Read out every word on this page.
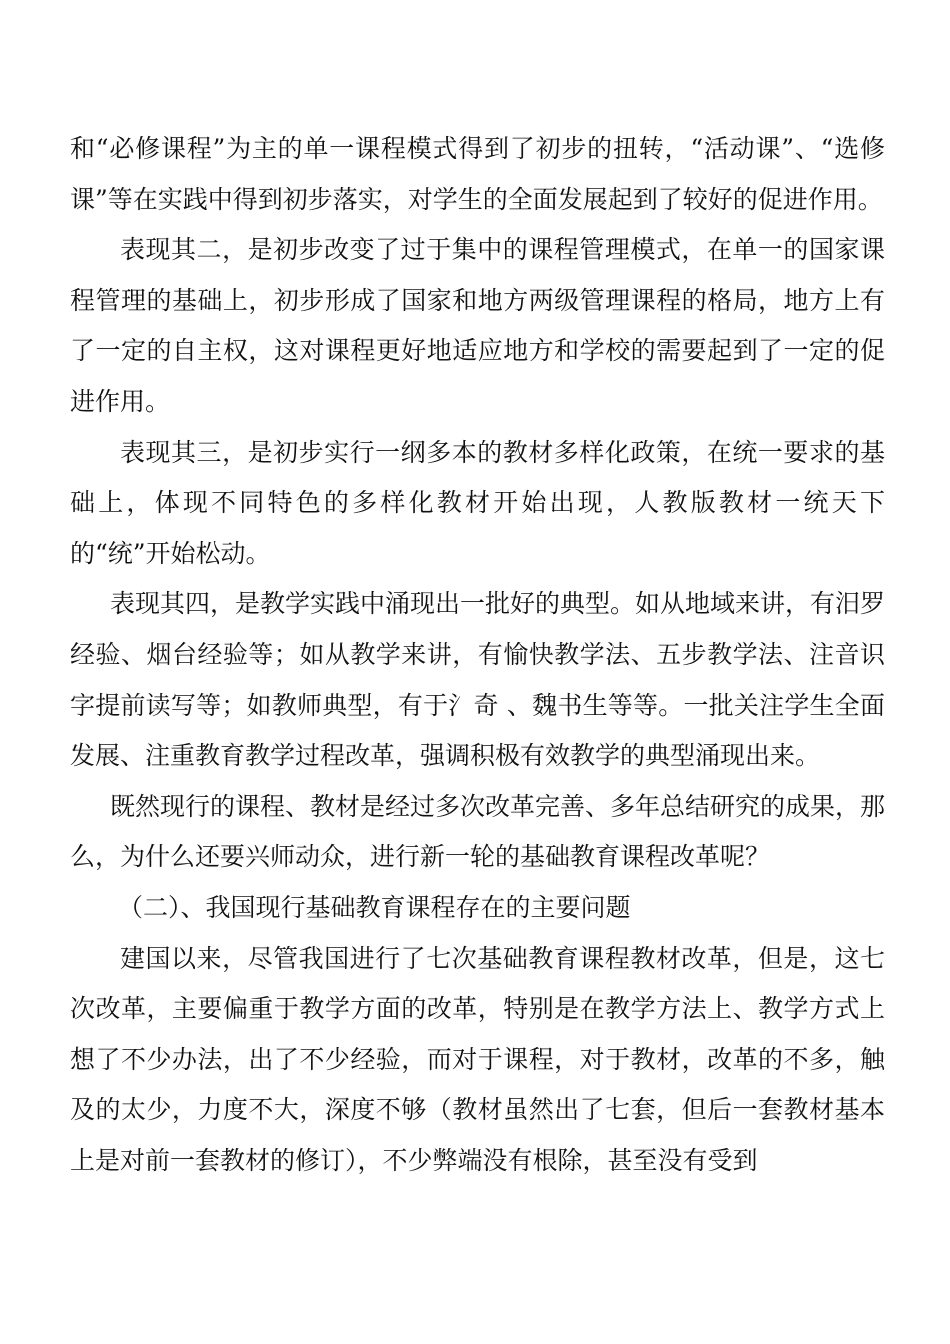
和“必修课程”为主的单一课程模式得到了初步的扭转，“活动课”、“选修课”等在实践中得到初步落实，对学生的全面发展起到了较好的促进作用。

表现其二，是初步改变了过于集中的课程管理模式，在单一的国家课程管理的基础上，初步形成了国家和地方两级管理课程的格局，地方上有了一定的自主权，这对课程更好地适应地方和学校的需要起到了一定的促进作用。

表现其三，是初步实行一纲多本的教材多样化政策，在统一要求的基础上，体现不同特色的多样化教材开始出现，人教版教材一统天下的“统”开始松动。

表现其四，是教学实践中涌现出一批好的典型。如从地域来讲，有汨罗经验、烟台经验等；如从教学来讲，有愉快教学法、五步教学法、注音识字提前读写等；如教师典型，有于氵奇 、魏书生等等。一批关注学生全面发展、注重教育教学过程改革，强调积极有效教学的典型涌现出来。

既然现行的课程、教材是经过多次改革完善、多年总结研究的成果，那么，为什么还要兴师动众，进行新一轮的基础教育课程改革呢？

（二）、我国现行基础教育课程存在的主要问题

建国以来，尽管我国进行了七次基础教育课程教材改革，但是，这七次改革，主要偏重于教学方面的改革，特别是在教学方法上、教学方式上想了不少办法，出了不少经验，而对于课程，对于教材，改革的不多，触及的太少，力度不大，深度不够（教材虽然出了七套，但后一套教材基本上是对前一套教材的修订），不少弊端没有根除，甚至没有受到
